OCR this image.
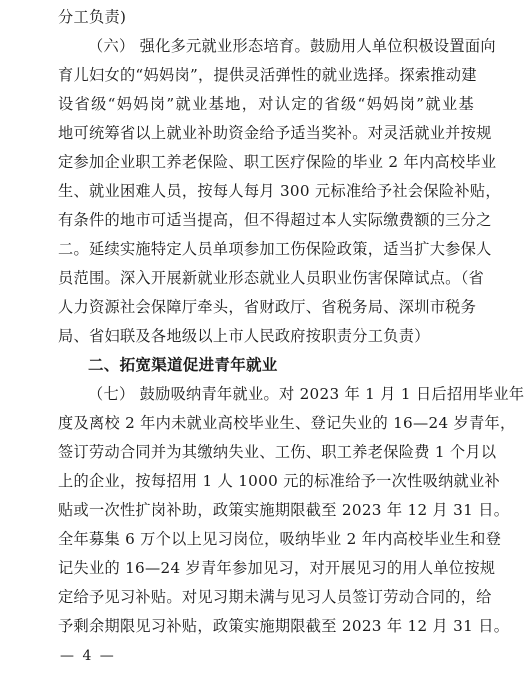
分工负责)
（六） 强化多元就业形态培育。鼓励用人单位积极设置面向
育儿妇女的“妈妈岗”，提供灵活弹性的就业选择。探索推动建
设省级“妈妈岗”就业基地，对认定的省级“妈妈岗”就业基
地可统筹省以上就业补助资金给予适当奖补。对灵活就业并按规
定参加企业职工养老保险、职工医疗保险的毕业 2 年内高校毕业
生、就业困难人员，按每人每月 300 元标准给予社会保险补贴，
有条件的地市可适当提高，但不得超过本人实际缴费额的三分之
二。延续实施特定人员单项参加工伤保险政策，适当扩大参保人
员范围。深入开展新就业形态就业人员职业伤害保障试点。（省
人力资源社会保障厅牵头，省财政厅、省税务局、深圳市税务
局、省妇联及各地级以上市人民政府按职责分工负责）
二、拓宽渠道促进青年就业
（七） 鼓励吸纳青年就业。对 2023 年 1 月 1 日后招用毕业年
度及离校 2 年内未就业高校毕业生、登记失业的 16—24 岁青年，
签订劳动合同并为其缴纳失业、工伤、职工养老保险费 1 个月以
上的企业，按每招用 1 人 1000 元的标准给予一次性吸纳就业补
贴或一次性扩岗补助，政策实施期限截至 2023 年 12 月 31 日。
全年募集 6 万个以上见习岗位，吸纳毕业 2 年内高校毕业生和登
记失业的 16—24 岁青年参加见习，对开展见习的用人单位按规
定给予见习补贴。对见习期未满与见习人员签订劳动合同的，给
予剩余期限见习补贴，政策实施期限截至 2023 年 12 月 31 日。
— 4 —
